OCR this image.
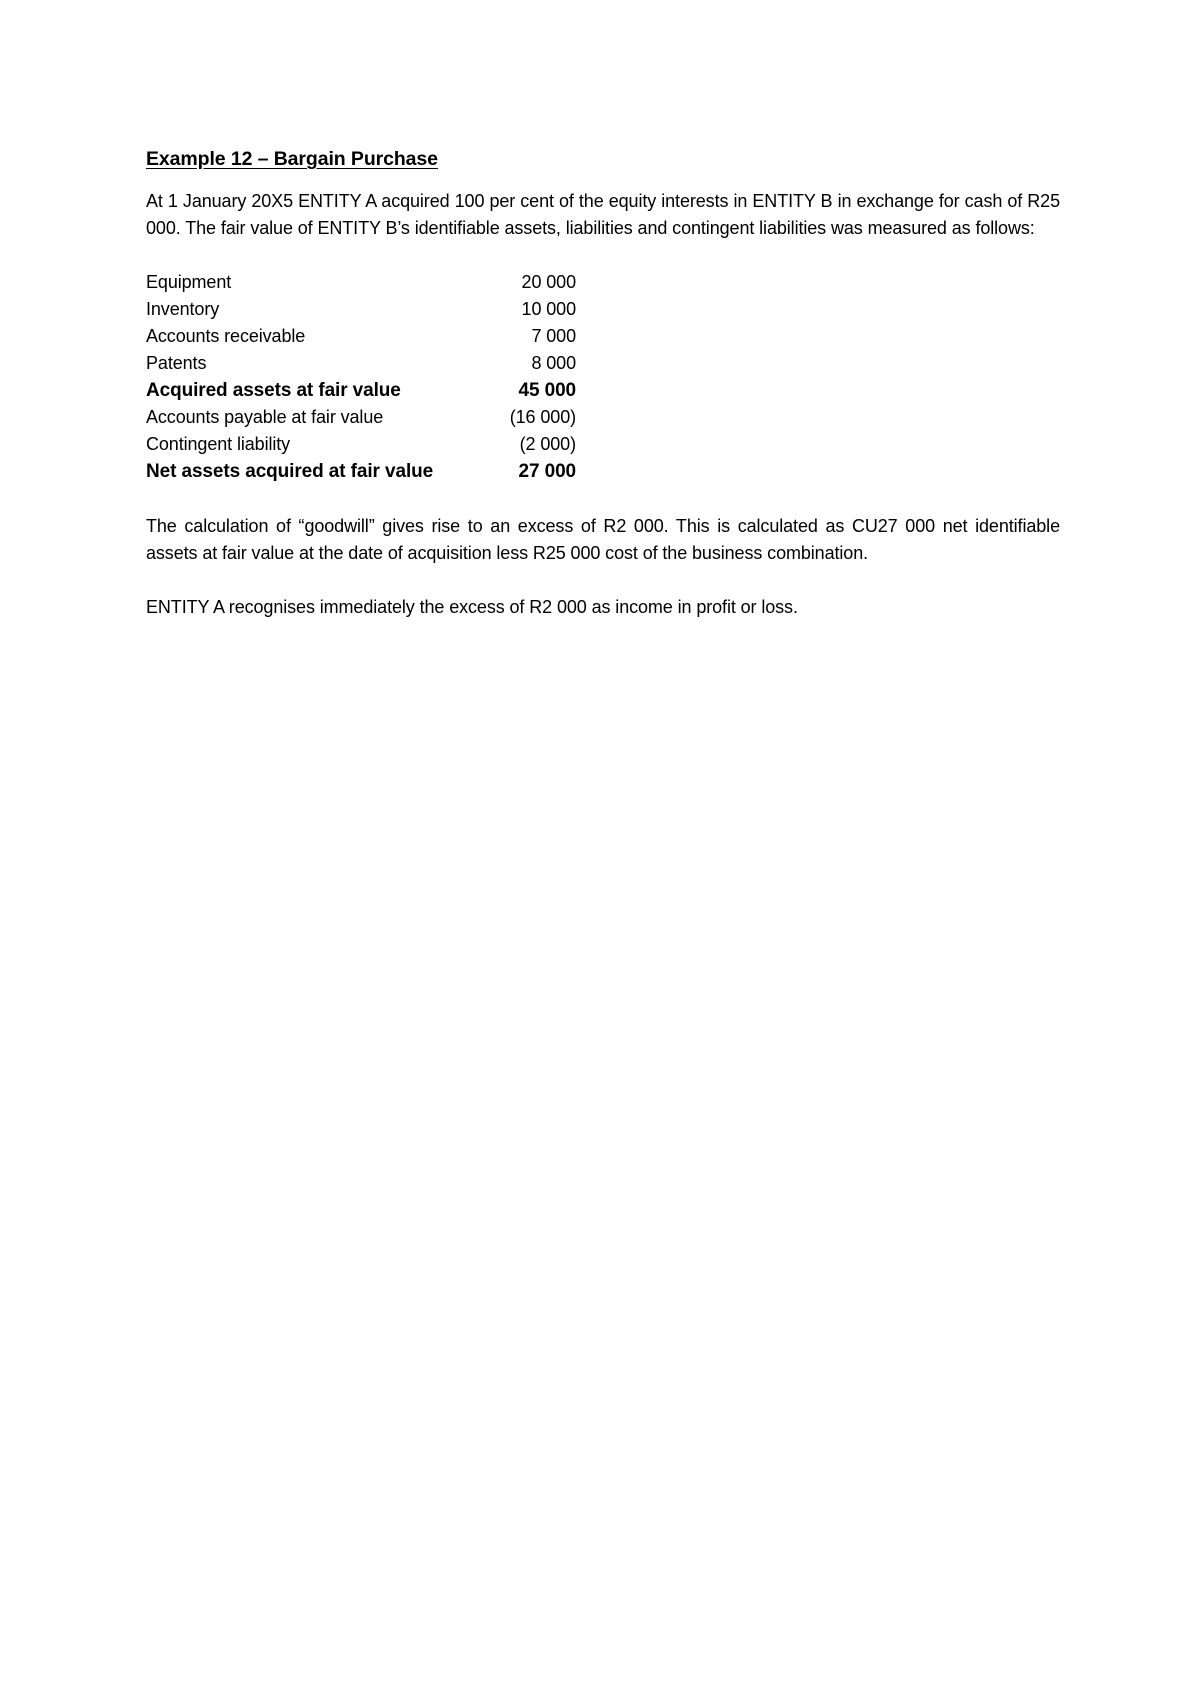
Example 12 – Bargain Purchase

At 1 January 20X5 ENTITY A acquired 100 per cent of the equity interests in ENTITY B in exchange for cash of R25 000. The fair value of ENTITY B’s identifiable assets, liabilities and contingent liabilities was measured as follows:

Equipment	20 000
Inventory	10 000
Accounts receivable	7 000
Patents	8 000
Acquired assets at fair value	45 000
Accounts payable at fair value	(16 000)
Contingent liability	(2 000)
Net assets acquired at fair value	27 000

The calculation of “goodwill” gives rise to an excess of R2 000. This is calculated as CU27 000 net identifiable assets at fair value at the date of acquisition less R25 000 cost of the business combination.

ENTITY A recognises immediately the excess of R2 000 as income in profit or loss.
